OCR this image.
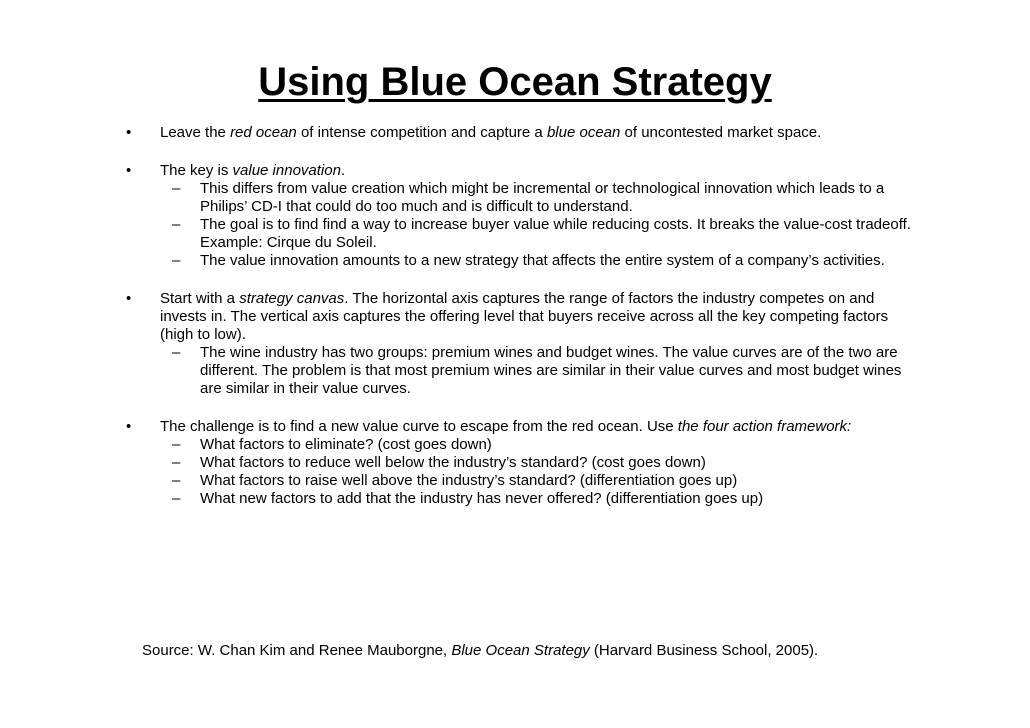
Using Blue Ocean Strategy
• Leave the red ocean of intense competition and capture a blue ocean of uncontested market space.
• The key is value innovation.
– This differs from value creation which might be incremental or technological innovation which leads to a Philips’ CD-I that could do too much and is difficult to understand.
– The goal is to find find a way to increase buyer value while reducing costs. It breaks the value-cost tradeoff. Example: Cirque du Soleil.
– The value innovation amounts to a new strategy that affects the entire system of a company’s activities.
• Start with a strategy canvas. The horizontal axis captures the range of factors the industry competes on and invests in. The vertical axis captures the offering level that buyers receive across all the key competing factors (high to low).
– The wine industry has two groups: premium wines and budget wines. The value curves are of the two are different. The problem is that most premium wines are similar in their value curves and most budget wines are similar in their value curves.
• The challenge is to find a new value curve to escape from the red ocean. Use the four action framework:
– What factors to eliminate? (cost goes down)
– What factors to reduce well below the industry’s standard? (cost goes down)
– What factors to raise well above the industry’s standard? (differentiation goes up)
– What new factors to add that the industry has never offered? (differentiation goes up)
Source: W. Chan Kim and Renee Mauborgne, Blue Ocean Strategy (Harvard Business School, 2005).
